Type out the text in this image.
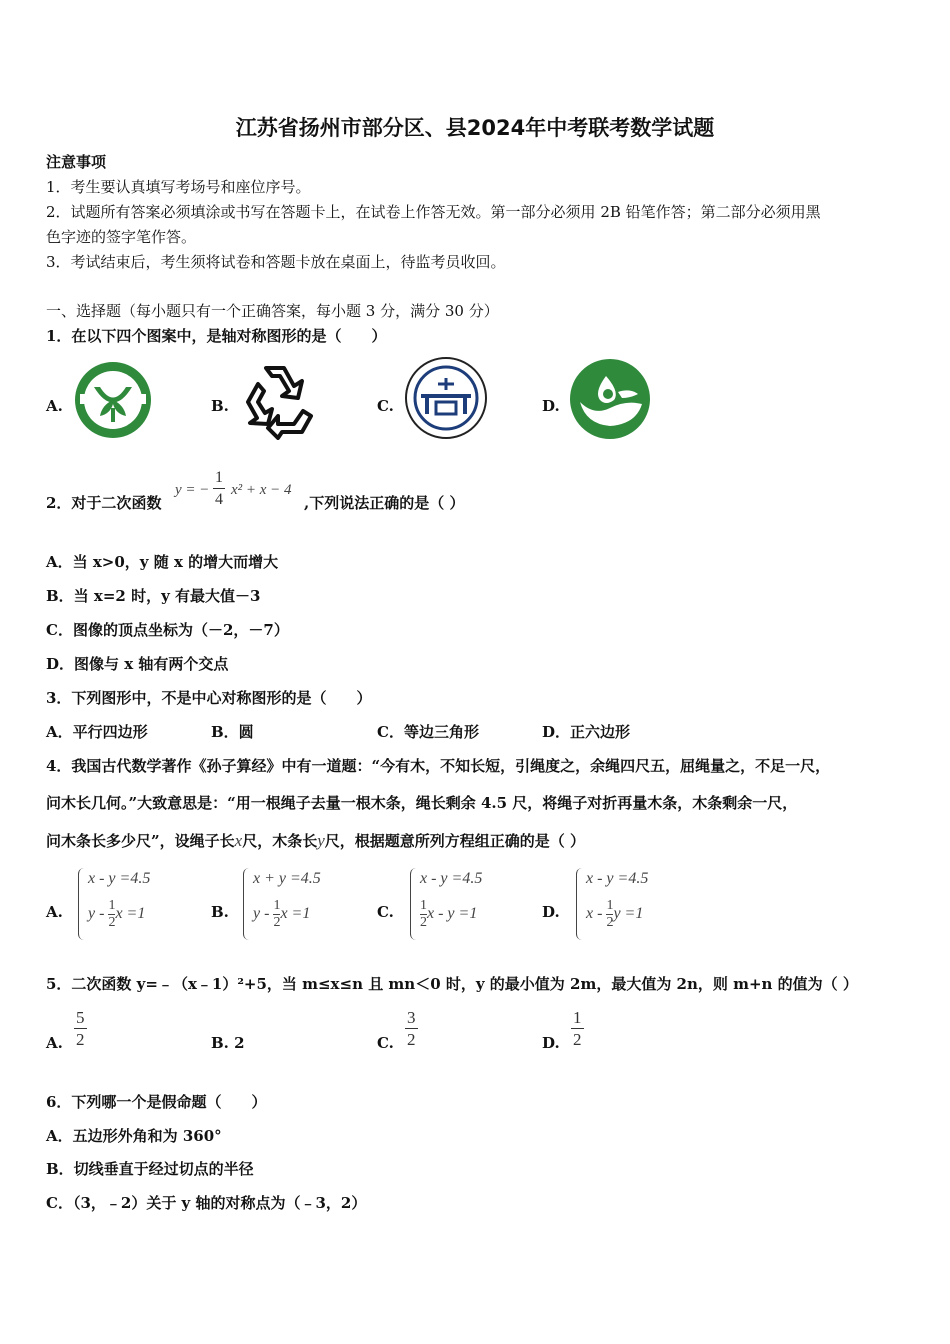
江苏省扬州市部分区、县2024年中考联考数学试题
注意事项
1．考生要认真填写考场号和座位序号。
2．试题所有答案必须填涂或书写在答题卡上，在试卷上作答无效。第一部分必须用 2B 铅笔作答；第二部分必须用黑
色字迹的签字笔作答。
3．考试结束后，考生须将试卷和答题卡放在桌面上，待监考员收回。
一、选择题（每小题只有一个正确答案，每小题 3 分，满分 30 分）
1．在以下四个图案中，是轴对称图形的是（　　）
A.	B.	C.	D.
2．对于二次函数
y = − $\frac{1}{4} x^2 + x - 4$
,下列说法正确的是（ ）
A．当 x>0，y 随 x 的增大而增大
B．当 x=2 时，y 有最大值－3
C．图像的顶点坐标为（－2，－7）
D．图像与 x 轴有两个交点
3．下列图形中，不是中心对称图形的是（　　）
A．平行四边形	B．圆	C．等边三角形	D．正六边形
4．我国古代数学著作《孙子算经》中有一道题：“今有木，不知长短，引绳度之，余绳四尺五，屈绳量之，不足一尺，
问木长几何。”大致意思是：“用一根绳子去量一根木条，绳长剩余 4.5 尺，将绳子对折再量木条，木条剩余一尺，
问木条长多少尺”，设绳子长x尺，木条长y尺，根据题意所列方程组正确的是（ ）
A.	B.	C.	D.
x - y =4.5
y - $\frac{1}{2}$ x =1
x + y =4.5
y - $\frac{1}{2}$ x =1
x - y =4.5
$\frac{1}{2}$ x - y =1
x - y =4.5
x - $\frac{1}{2}$ y =1
5．二次函数 y=﹣（x﹣1）²+5，当 m≤x≤n 且 mn＜0 时，y 的最小值为 2m，最大值为 2n，则 m+n 的值为（ ）
A. $\frac{5}{2}$	B. 2	C. $\frac{3}{2}$	D. $\frac{1}{2}$
6．下列哪一个是假命题（　　）
A．五边形外角和为 360°
B．切线垂直于经过切点的半径
C．（3，﹣2）关于 y 轴的对称点为（﹣3，2）
